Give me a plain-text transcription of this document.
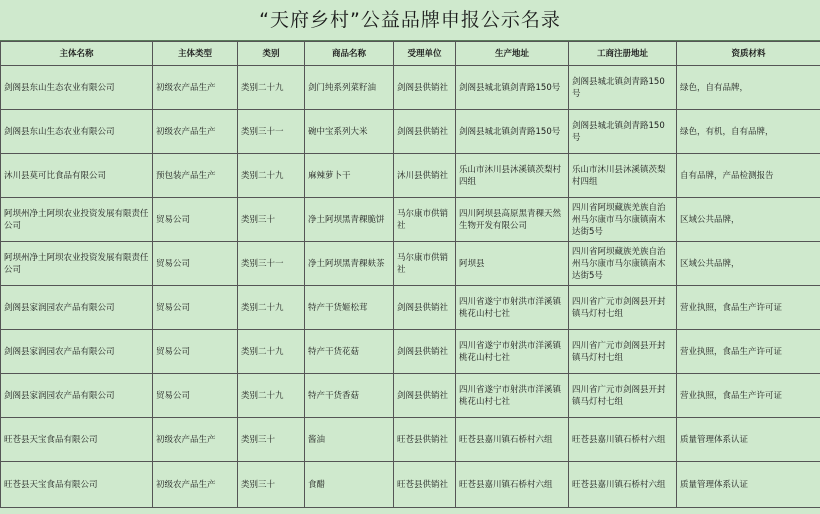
“天府乡村”公益品牌申报公示名录
主体名称	主体类型	类别	商品名称	受理单位	生产地址	工商注册地址	资质材料
剑阁县东山生态农业有限公司	初级农产品生产	类别二十九	剑门纯系列菜籽油	剑阁县供销社	剑阁县城北镇剑青路150号	剑阁县城北镇剑青路150号	绿色，自有品牌，
剑阁县东山生态农业有限公司	初级农产品生产	类别三十一	碗中宝系列大米	剑阁县供销社	剑阁县城北镇剑青路150号	剑阁县城北镇剑青路150号	绿色，有机，自有品牌，
沐川县莫可比食品有限公司	预包装产品生产	类别二十九	麻辣萝卜干	沐川县供销社	乐山市沐川县沐溪镇茨梨村四组	乐山市沐川县沐溪镇茨梨村四组	自有品牌，产品检测报告
阿坝州净土阿坝农业投资发展有限责任公司	贸易公司	类别三十	净土阿坝黑青稞脆饼	马尔康市供销社	四川阿坝县高原黑青稞天然生物开发有限公司	四川省阿坝藏族羌族自治州马尔康市马尔康镇南木达街5号	区域公共品牌，
阿坝州净土阿坝农业投资发展有限责任公司	贸易公司	类别三十一	净土阿坝黑青稞麸茶	马尔康市供销社	阿坝县	四川省阿坝藏族羌族自治州马尔康市马尔康镇南木达街5号	区域公共品牌，
剑阁县家润园农产品有限公司	贸易公司	类别二十九	特产干货姬松茸	剑阁县供销社	四川省遂宁市射洪市洋溪镇桃花山村七社	四川省广元市剑阁县开封镇马灯村七组	营业执照，食品生产许可证
剑阁县家润园农产品有限公司	贸易公司	类别二十九	特产干货花菇	剑阁县供销社	四川省遂宁市射洪市洋溪镇桃花山村七社	四川省广元市剑阁县开封镇马灯村七组	营业执照，食品生产许可证
剑阁县家润园农产品有限公司	贸易公司	类别二十九	特产干货香菇	剑阁县供销社	四川省遂宁市射洪市洋溪镇桃花山村七社	四川省广元市剑阁县开封镇马灯村七组	营业执照，食品生产许可证
旺苍县天宝食品有限公司	初级农产品生产	类别三十	酱油	旺苍县供销社	旺苍县嘉川镇石桥村六组	旺苍县嘉川镇石桥村六组	质量管理体系认证
旺苍县天宝食品有限公司	初级农产品生产	类别三十	食醋	旺苍县供销社	旺苍县嘉川镇石桥村六组	旺苍县嘉川镇石桥村六组	质量管理体系认证
